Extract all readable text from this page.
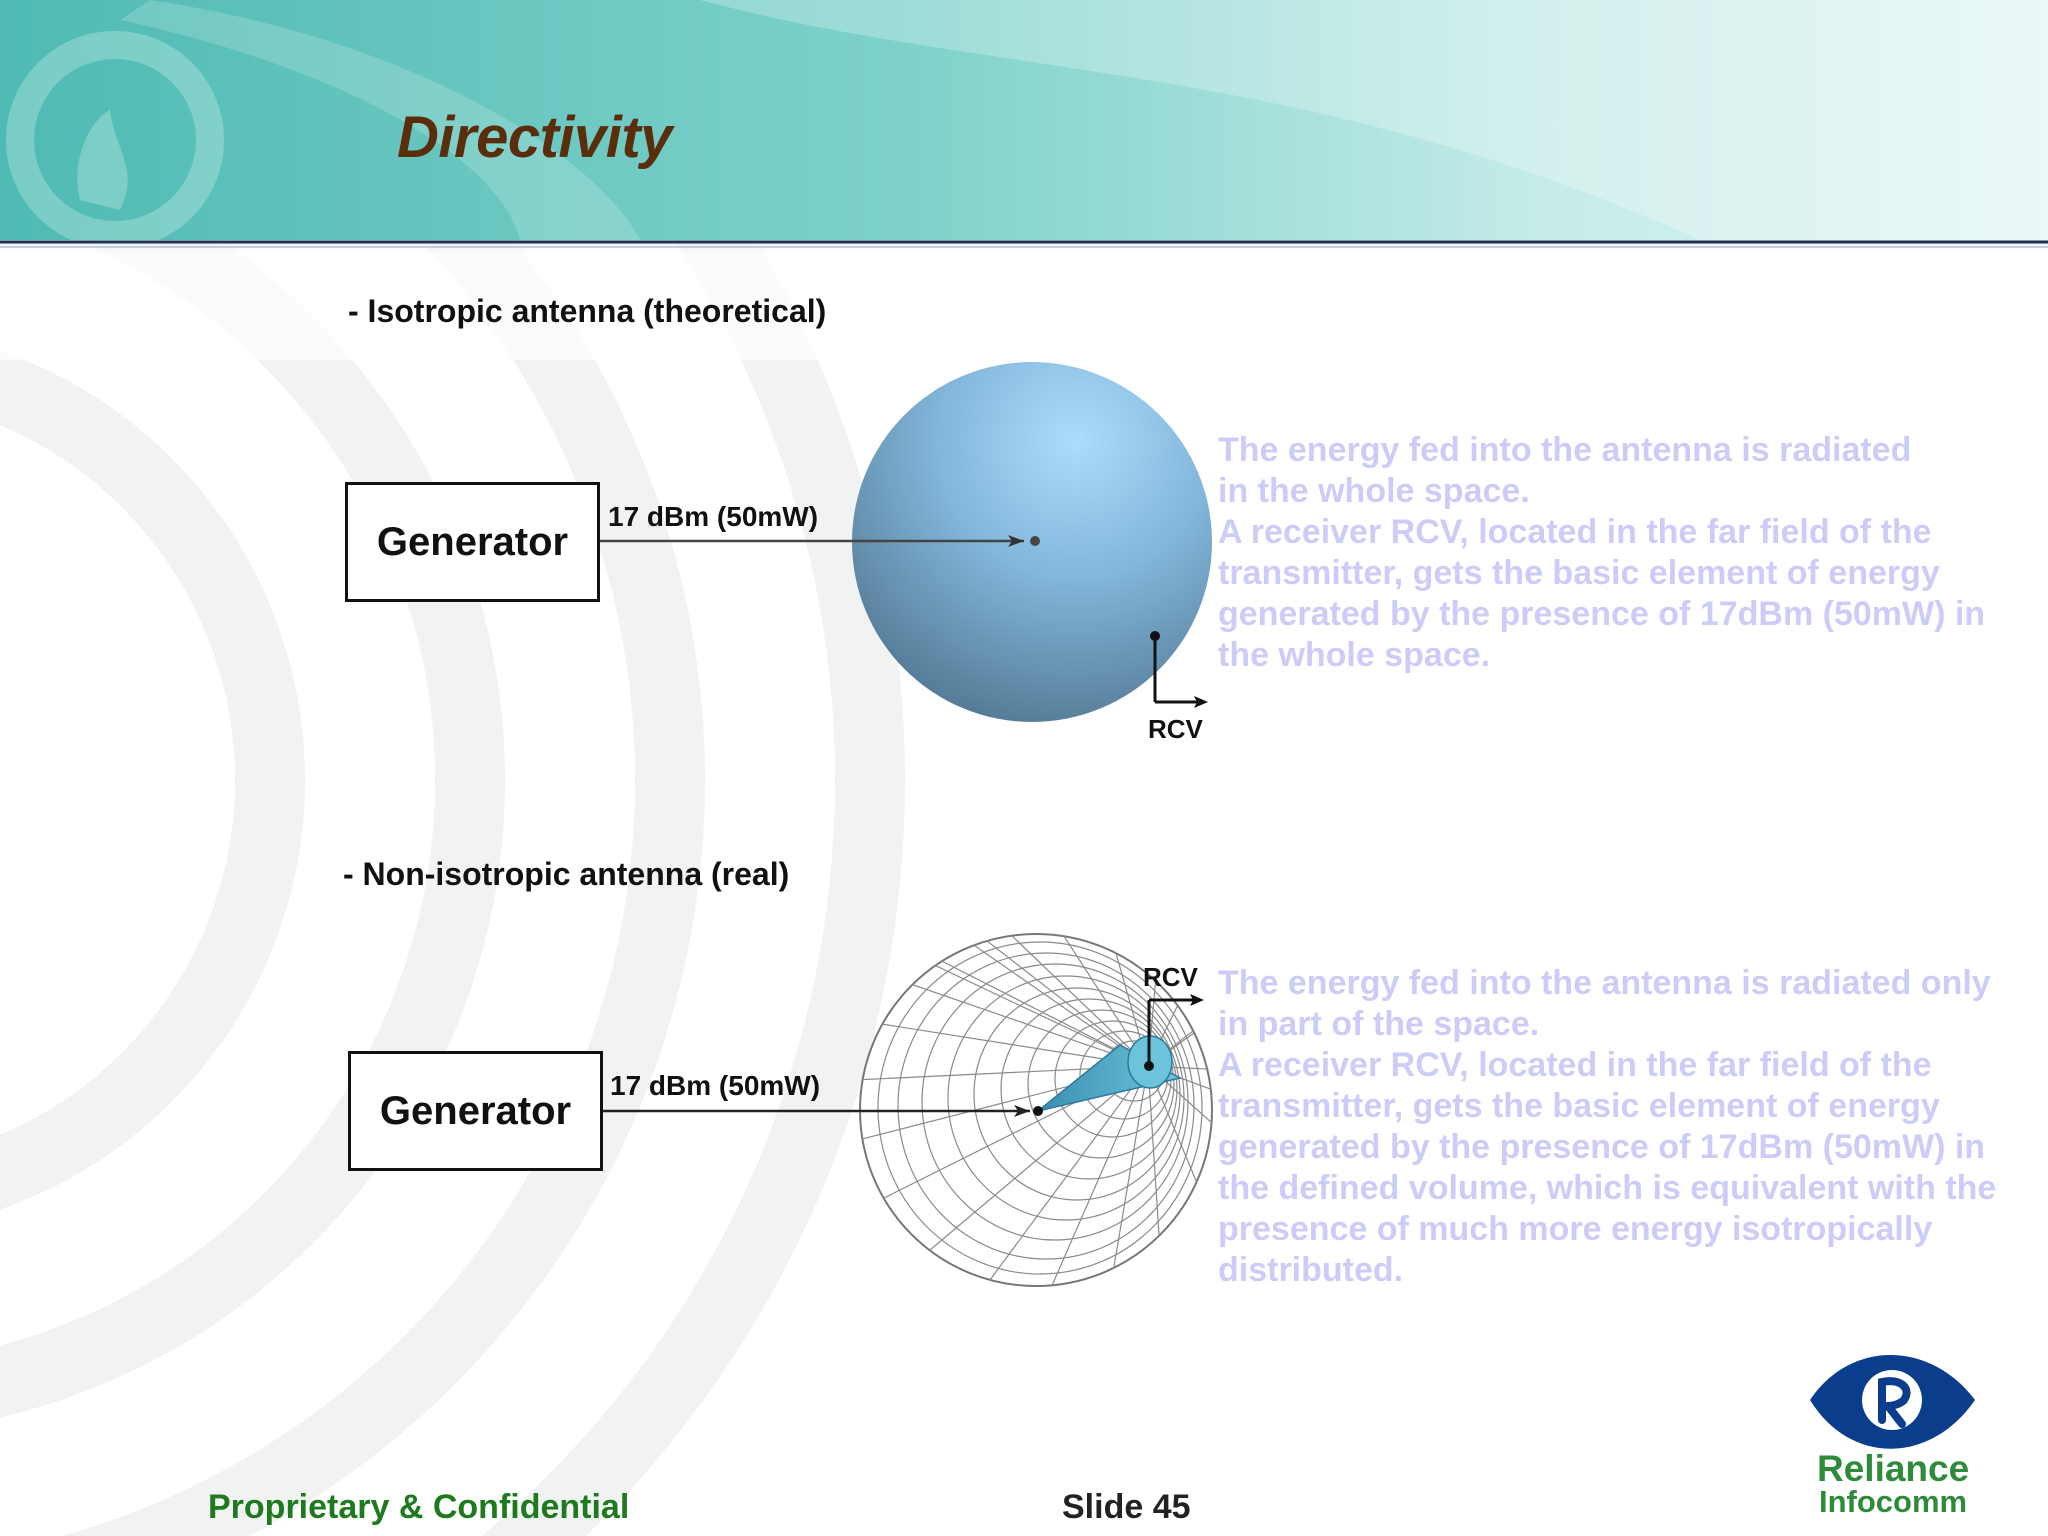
Directivity
- Isotropic antenna (theoretical)
Generator
17 dBm (50mW)
RCV
The energy fed into the antenna is radiated
in the whole space.
A receiver RCV, located in the far field of the
transmitter, gets the basic element of energy
generated by the presence of 17dBm (50mW) in
the whole space.
- Non-isotropic antenna (real)
Generator
17 dBm (50mW)
RCV The energy fed into the antenna is radiated only
in part of the space.
A receiver RCV, located in the far field of the
transmitter, gets the basic element of energy
generated by the presence of 17dBm (50mW) in
the defined volume, which is equivalent with the
presence of much more energy isotropically
distributed.
Proprietary & Confidential	Slide 45
Reliance
Infocomm
